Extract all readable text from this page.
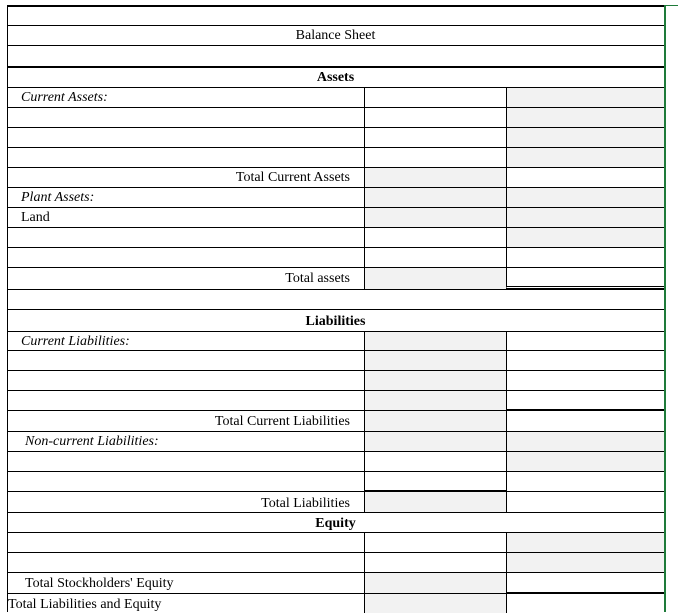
Balance Sheet
Assets
Current Assets:
Total Current Assets
Plant Assets:
Land
Total assets
Liabilities
Current Liabilities:
Total Current Liabilities
Non-current Liabilities:
Total Liabilities
Equity
Total Stockholders' Equity
Total Liabilities and Equity
